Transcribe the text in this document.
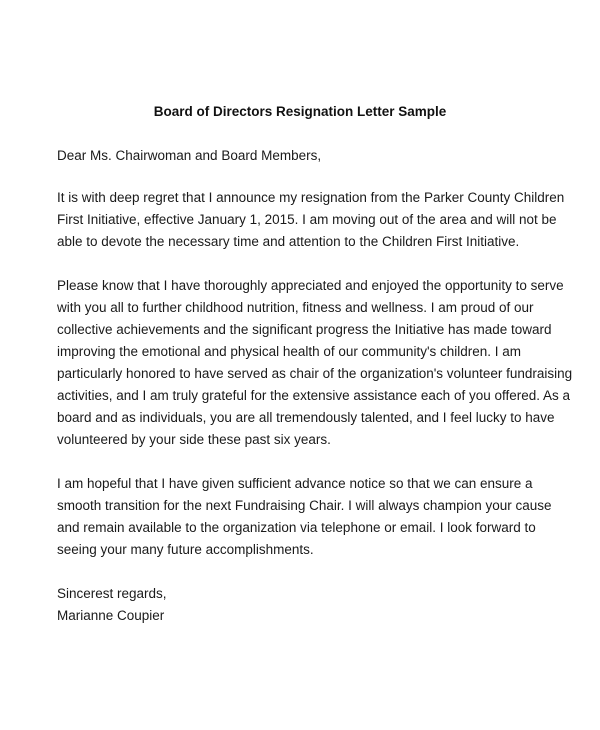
Board of Directors Resignation Letter Sample
Dear Ms. Chairwoman and Board Members,
It is with deep regret that I announce my resignation from the Parker County Children
First Initiative, effective January 1, 2015. I am moving out of the area and will not be
able to devote the necessary time and attention to the Children First Initiative.
Please know that I have thoroughly appreciated and enjoyed the opportunity to serve
with you all to further childhood nutrition, fitness and wellness. I am proud of our
collective achievements and the significant progress the Initiative has made toward
improving the emotional and physical health of our community's children. I am
particularly honored to have served as chair of the organization's volunteer fundraising
activities, and I am truly grateful for the extensive assistance each of you offered. As a
board and as individuals, you are all tremendously talented, and I feel lucky to have
volunteered by your side these past six years.
I am hopeful that I have given sufficient advance notice so that we can ensure a
smooth transition for the next Fundraising Chair. I will always champion your cause
and remain available to the organization via telephone or email. I look forward to
seeing your many future accomplishments.
Sincerest regards,
Marianne Coupier
